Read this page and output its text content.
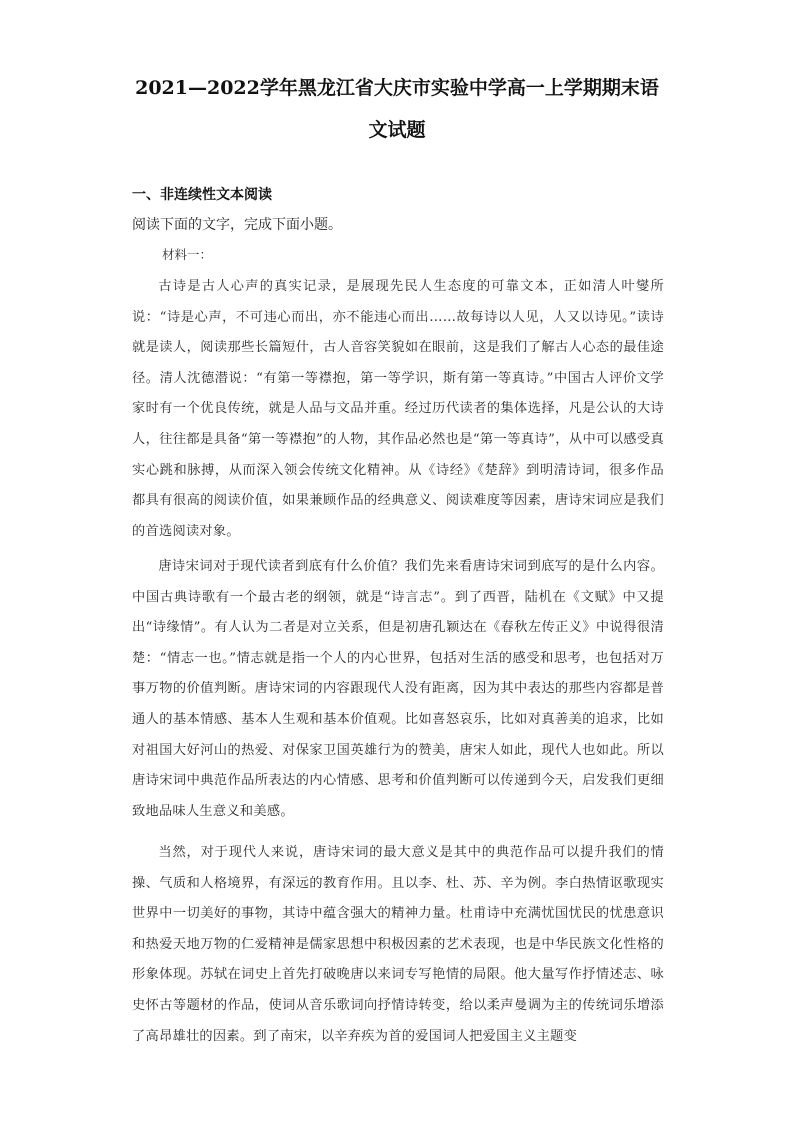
2021—2022学年黑龙江省大庆市实验中学高一上学期期末语
文试题
一、非连续性文本阅读

阅读下面的文字，完成下面小题。

材料一：

古诗是古人心声的真实记录，是展现先民人生态度的可靠文本，正如清人叶燮所说：“诗是心声，不可违心而出，亦不能违心而出……故每诗以人见，人又以诗见。”读诗就是读人，阅读那些长篇短什，古人音容笑貌如在眼前，这是我们了解古人心态的最佳途径。清人沈德潜说：“有第一等襟抱，第一等学识，斯有第一等真诗。”中国古人评价文学家时有一个优良传统，就是人品与文品并重。经过历代读者的集体选择，凡是公认的大诗人，往往都是具备“第一等襟抱”的人物，其作品必然也是“第一等真诗”，从中可以感受真实心跳和脉搏，从而深入领会传统文化精神。从《诗经》《楚辞》到明清诗词，很多作品都具有很高的阅读价值，如果兼顾作品的经典意义、阅读难度等因素，唐诗宋词应是我们的首选阅读对象。

唐诗宋词对于现代读者到底有什么价值？我们先来看唐诗宋词到底写的是什么内容。中国古典诗歌有一个最古老的纲领，就是“诗言志”。到了西晋，陆机在《文赋》中又提出“诗缘情”。有人认为二者是对立关系，但是初唐孔颖达在《春秋左传正义》中说得很清楚：“情志一也。”情志就是指一个人的内心世界，包括对生活的感受和思考，也包括对万事万物的价值判断。唐诗宋词的内容跟现代人没有距离，因为其中表达的那些内容都是普通人的基本情感、基本人生观和基本价值观。比如喜怒哀乐，比如对真善美的追求，比如对祖国大好河山的热爱、对保家卫国英雄行为的赞美，唐宋人如此，现代人也如此。所以唐诗宋词中典范作品所表达的内心情感、思考和价值判断可以传递到今天，启发我们更细致地品味人生意义和美感。

当然，对于现代人来说，唐诗宋词的最大意义是其中的典范作品可以提升我们的情操、气质和人格境界，有深远的教育作用。且以李、杜、苏、辛为例。李白热情讴歌现实世界中一切美好的事物，其诗中蕴含强大的精神力量。杜甫诗中充满忧国忧民的忧患意识和热爱天地万物的仁爱精神是儒家思想中积极因素的艺术表现，也是中华民族文化性格的形象体现。苏轼在词史上首先打破晚唐以来词专写艳情的局限。他大量写作抒情述志、咏史怀古等题材的作品，使词从音乐歌词向抒情诗转变，给以柔声曼调为主的传统词乐增添了高昂雄壮的因素。到了南宋，以辛弃疾为首的爱国词人把爱国主义主题变
